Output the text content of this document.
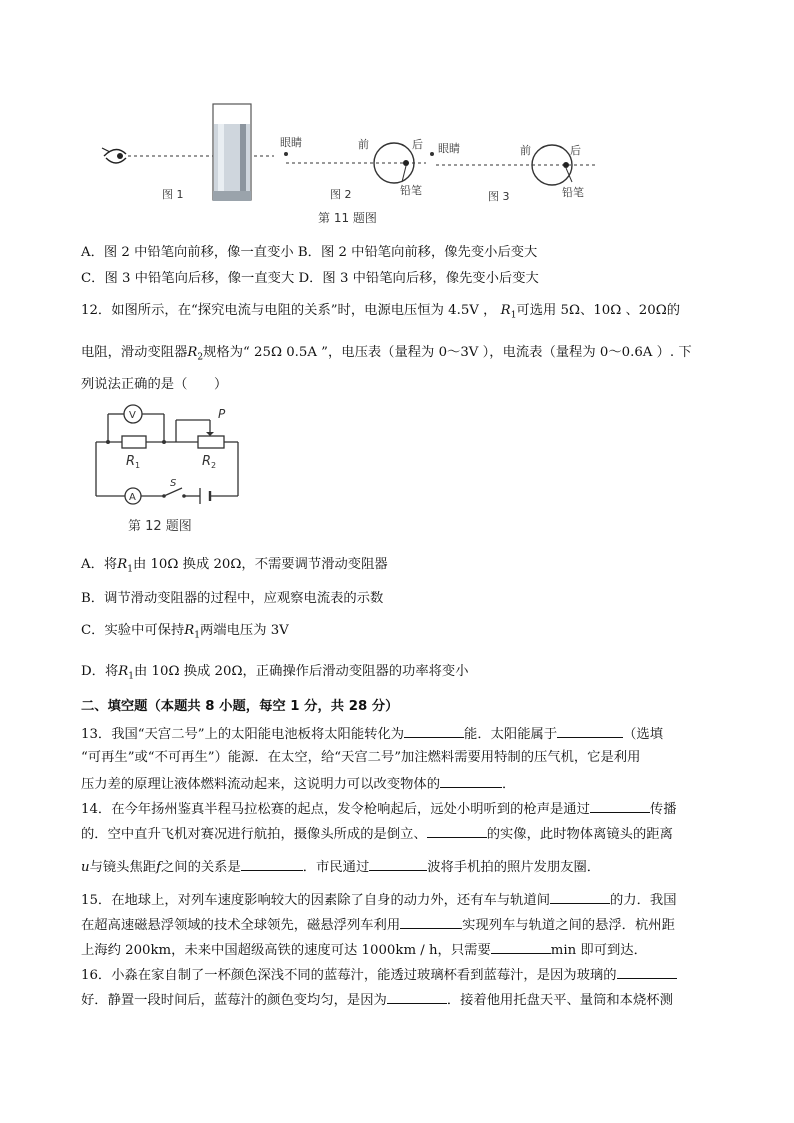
图 1
眼睛	前	后
铅笔
图 2
眼睛	前	后
铅笔
图 3
第 11 题图
A．图 2 中铅笔向前移，像一直变小 B．图 2 中铅笔向前移，像先变小后变大
C．图 3 中铅笔向后移，像一直变大 D．图 3 中铅笔向后移，像先变小后变大
12．如图所示，在“探究电流与电阻的关系”时，电源电压恒为 4.5V ， $R_1$可选用 5Ω、10Ω 、20Ω的
电阻，滑动变阻器$R_2$规格为“ 25Ω 0.5A ”，电压表（量程为 0～3V ），电流表（量程为 0～0.6A ）. 下
列说法正确的是（　　）
V
A
S
R 1	R 2
P
第 12 题图
A．将$R_1$由 10Ω 换成 20Ω，不需要调节滑动变阻器
B．调节滑动变阻器的过程中，应观察电流表的示数
C．实验中可保持$R_1$两端电压为 3V
D．将$R_1$由 10Ω 换成 20Ω，正确操作后滑动变阻器的功率将变小
二、填空题（本题共 8 小题，每空 1 分，共 28 分）
13．我国“天宫二号”上的太阳能电池板将太阳能转化为	能．太阳能属于	（选填
“可再生”或“不可再生”）能源．在太空，给“天宫二号”加注燃料需要用特制的压气机，它是利用
压力差的原理让液体燃料流动起来，这说明力可以改变物体的	．
14．在今年扬州鉴真半程马拉松赛的起点，发令枪响起后，远处小明听到的枪声是通过	传播
的．空中直升飞机对赛况进行航拍，摄像头所成的是倒立、	的实像，此时物体离镜头的距离
u与镜头焦距f之间的关系是	．市民通过	波将手机拍的照片发朋友圈．
15．在地球上，对列车速度影响较大的因素除了自身的动力外，还有车与轨道间	的力．我国
在超高速磁悬浮领域的技术全球领先，磁悬浮列车利用	实现列车与轨道之间的悬浮．杭州距
上海约 200km，未来中国超级高铁的速度可达 1000km / h，只需要	min 即可到达．
16．小淼在家自制了一杯颜色深浅不同的蓝莓汁，能透过玻璃杯看到蓝莓汁，是因为玻璃的
好．静置一段时间后，蓝莓汁的颜色变均匀，是因为	．接着他用托盘天平、量筒和本烧杯测
